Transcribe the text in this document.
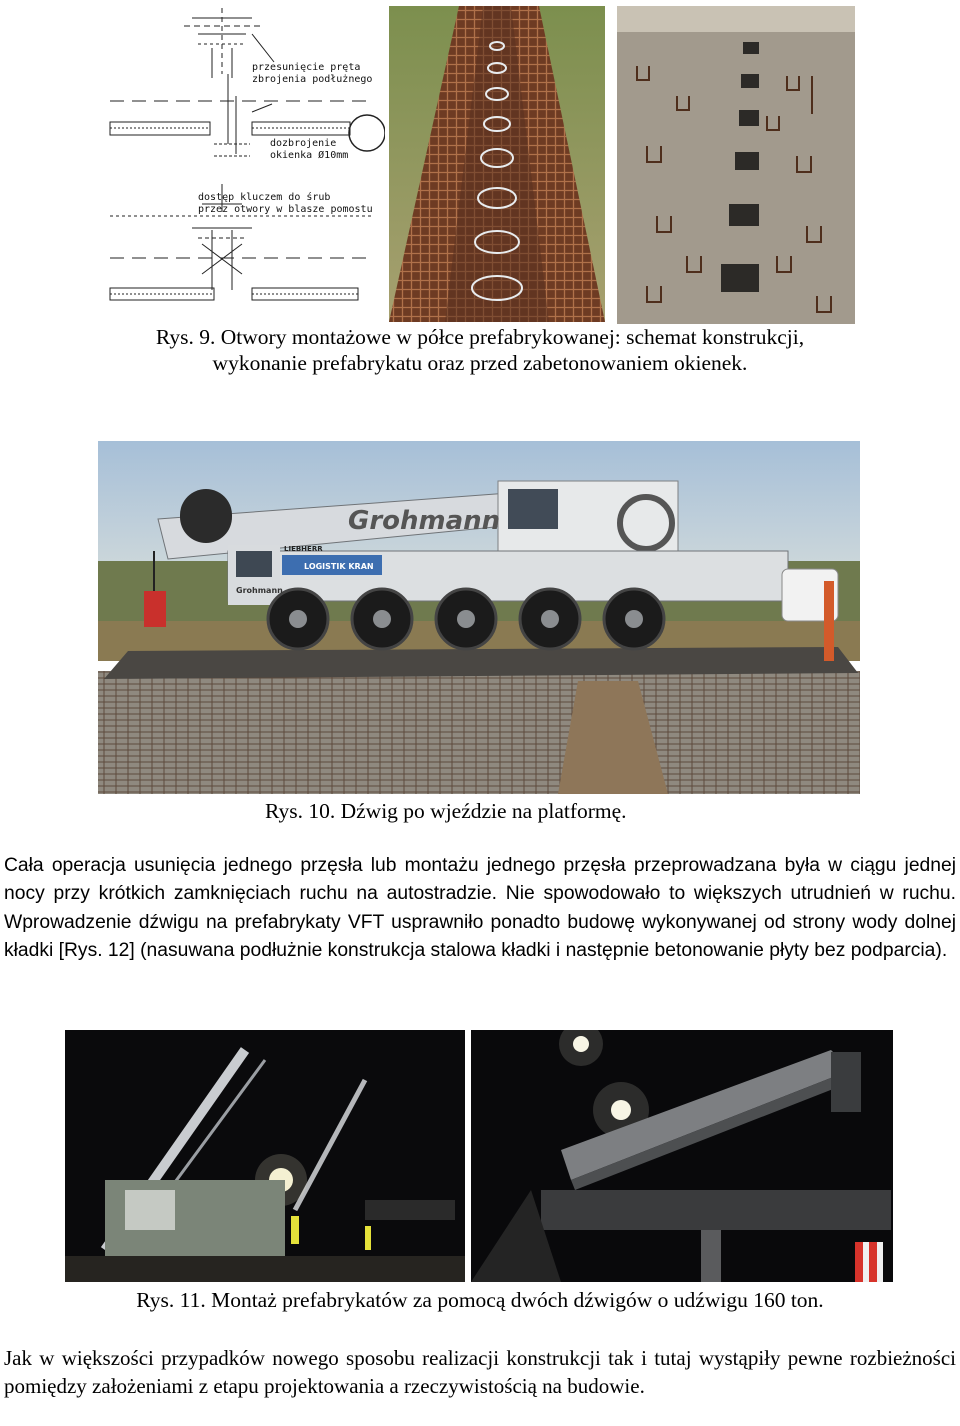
przesunięcie pręta
zbrojenia podłużnego
dozbrojenie
okienka Ø10mm
dostęp kluczem do śrub
przez otwory w blasze pomostu
Rys. 9. Otwory montażowe w półce prefabrykowanej: schemat konstrukcji,
wykonanie prefabrykatu oraz przed zabetonowaniem okienek.
Grohmann
Grohmann
LIEBHERR
LOGISTIK KRAN
Rys. 10. Dźwig po wjeździe na platformę.
Cała operacja usunięcia jednego przęsła lub montażu jednego przęsła przeprowadzana była w ciągu jednej nocy przy krótkich zamknięciach ruchu na autostradzie. Nie spowodowało to większych utrudnień w ruchu. Wprowadzenie dźwigu na prefabrykaty VFT usprawniło ponadto budowę wykonywanej od strony wody dolnej kładki [Rys. 12] (nasuwana podłużnie konstrukcja stalowa kładki i następnie betonowanie płyty bez podparcia).
Rys. 11. Montaż prefabrykatów za pomocą dwóch dźwigów o udźwigu 160 ton.
Jak w większości przypadków nowego sposobu realizacji konstrukcji tak i tutaj wystąpiły pewne rozbieżności pomiędzy założeniami z etapu projektowania a rzeczywistością na budowie.
